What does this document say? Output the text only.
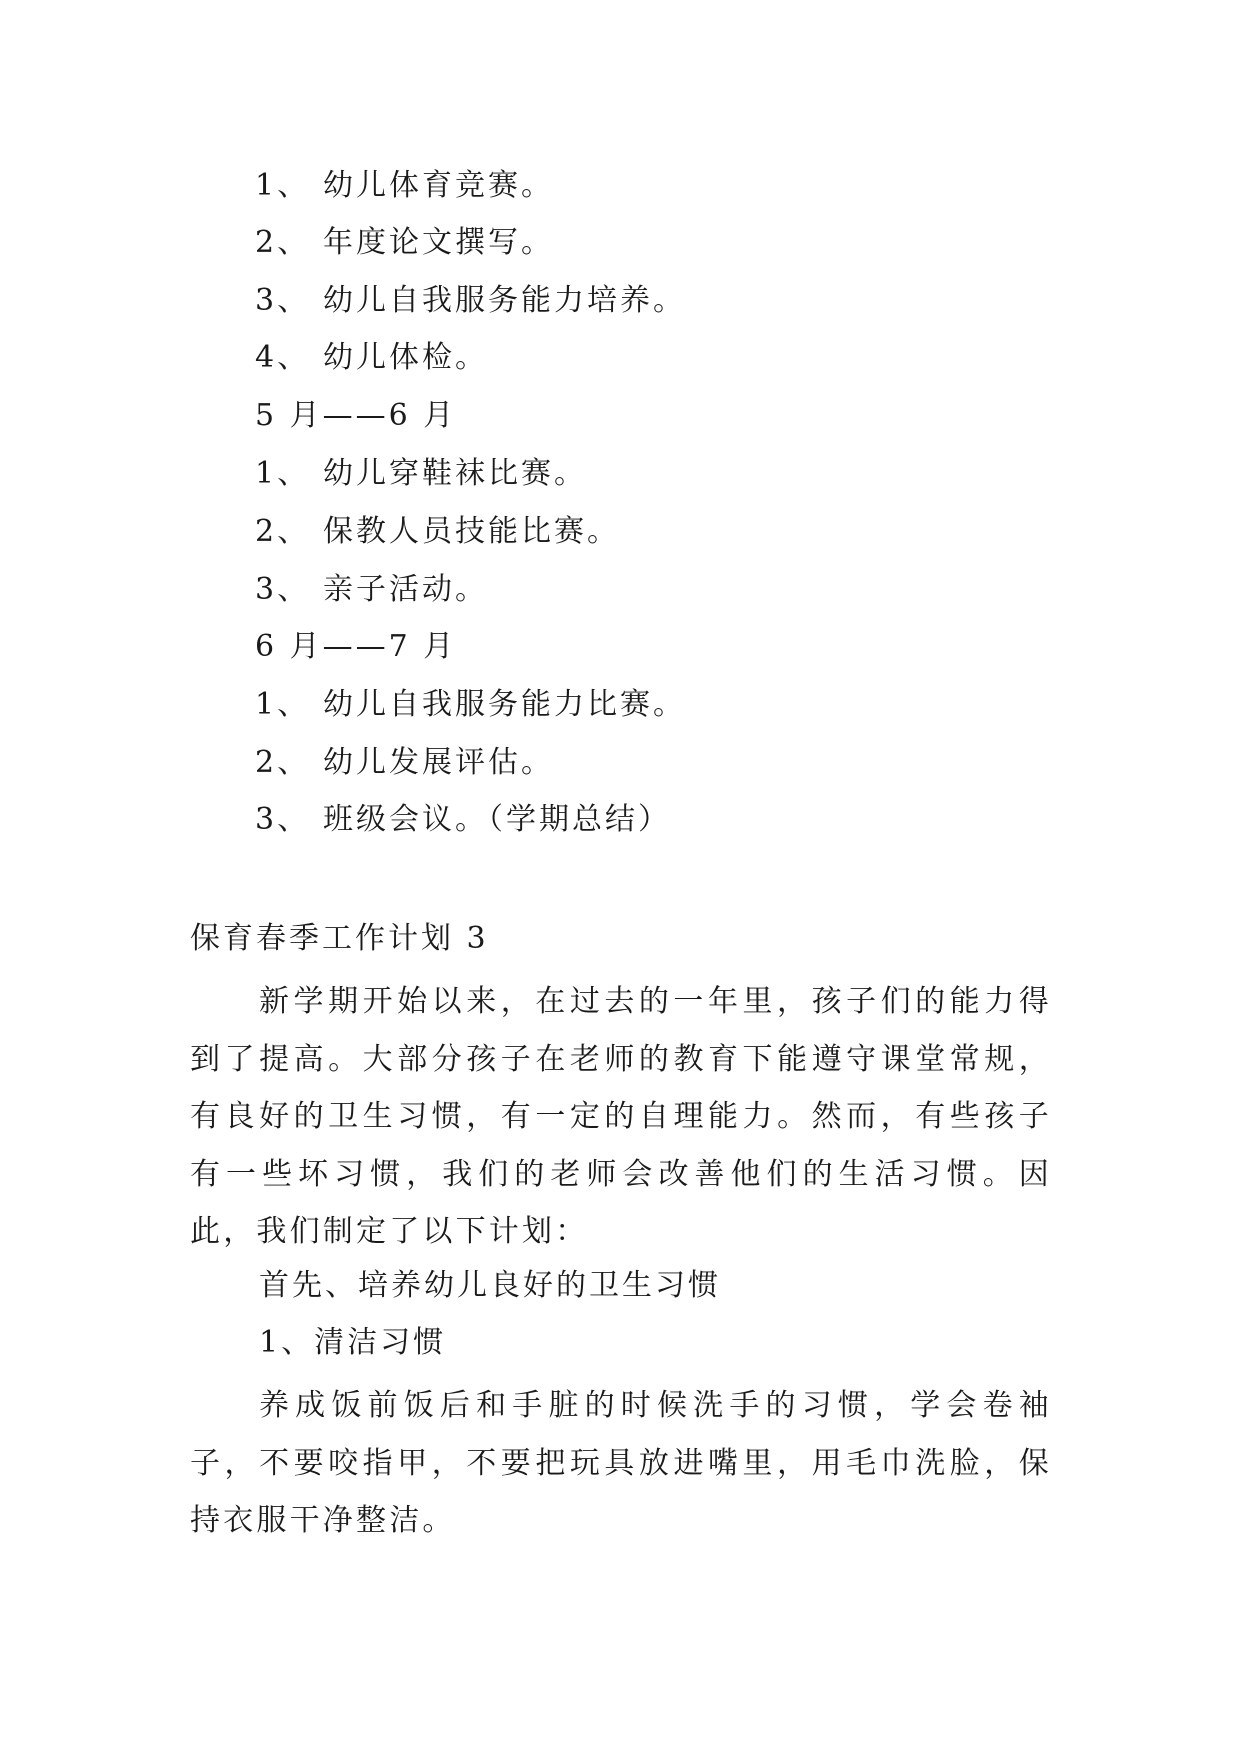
1、 幼儿体育竞赛。
2、 年度论文撰写。
3、 幼儿自我服务能力培养。
4、 幼儿体检。
5 月——6 月
1、 幼儿穿鞋袜比赛。
2、 保教人员技能比赛。
3、 亲子活动。
6 月——7 月
1、 幼儿自我服务能力比赛。
2、 幼儿发展评估。
3、 班级会议。（学期总结）
保育春季工作计划 3
新学期开始以来，在过去的一年里，孩子们的能力得到了提高。大部分孩子在老师的教育下能遵守课堂常规，有良好的卫生习惯，有一定的自理能力。然而，有些孩子有一些坏习惯，我们的老师会改善他们的生活习惯。因此，我们制定了以下计划：
首先、培养幼儿良好的卫生习惯
1、清洁习惯
养成饭前饭后和手脏的时候洗手的习惯，学会卷袖子，不要咬指甲，不要把玩具放进嘴里，用毛巾洗脸，保持衣服干净整洁。
